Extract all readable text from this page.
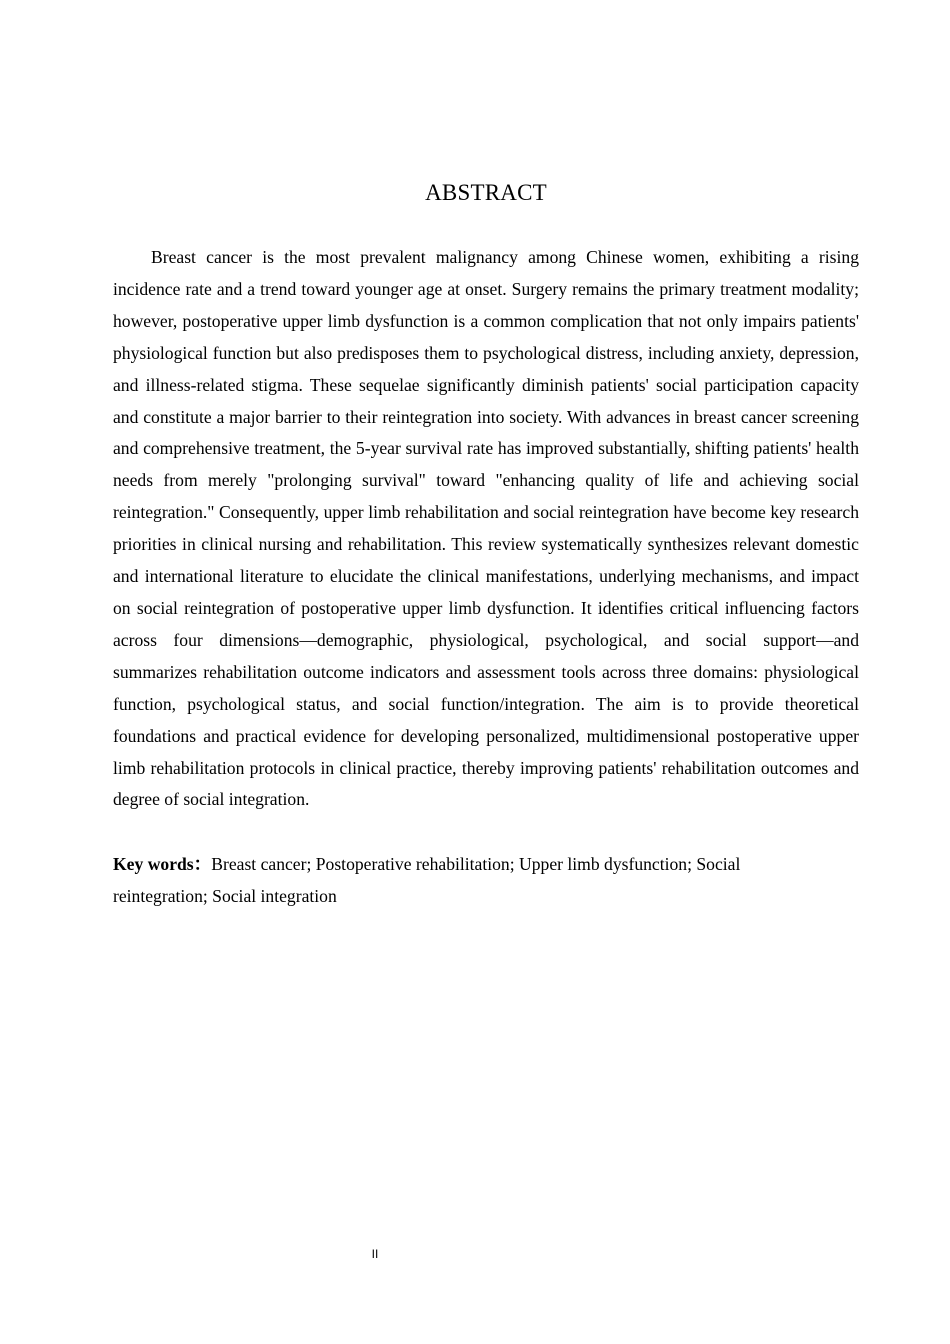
ABSTRACT

Breast cancer is the most prevalent malignancy among Chinese women, exhibiting a rising incidence rate and a trend toward younger age at onset. Surgery remains the primary treatment modality; however, postoperative upper limb dysfunction is a common complication that not only impairs patients' physiological function but also predisposes them to psychological distress, including anxiety, depression, and illness-related stigma. These sequelae significantly diminish patients' social participation capacity and constitute a major barrier to their reintegration into society. With advances in breast cancer screening and comprehensive treatment, the 5-year survival rate has improved substantially, shifting patients' health needs from merely "prolonging survival" toward "enhancing quality of life and achieving social reintegration." Consequently, upper limb rehabilitation and social reintegration have become key research priorities in clinical nursing and rehabilitation. This review systematically synthesizes relevant domestic and international literature to elucidate the clinical manifestations, underlying mechanisms, and impact on social reintegration of postoperative upper limb dysfunction. It identifies critical influencing factors across four dimensions—demographic, physiological, psychological, and social support—and summarizes rehabilitation outcome indicators and assessment tools across three domains: physiological function, psychological status, and social function/integration. The aim is to provide theoretical foundations and practical evidence for developing personalized, multidimensional postoperative upper limb rehabilitation protocols in clinical practice, thereby improving patients' rehabilitation outcomes and degree of social integration.

Key words：Breast cancer; Postoperative rehabilitation; Upper limb dysfunction; Social reintegration; Social integration

II
